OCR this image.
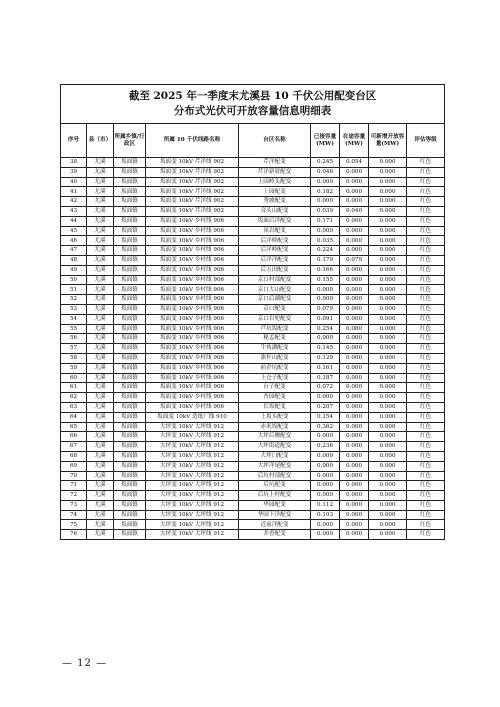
截至 2025 年一季度末尤溪县 10 千伏公用配变台区
分布式光伏可开放容量信息明细表								

序号	县（市）	所属乡镇/行政区	所属 10 千伏线路名称	台区名称	已接容量(MW)	在途容量(MW)	可新增开放容量(MW)	评估等级
38	尤溪	坂面镇	坂面变 10kV 芹洋线 902	芹洋配变	0.245	0.054	0.000	红色
39	尤溪	坂面镇	坂面变 10kV 芹洋线 902	芹洋新厝配变	0.046	0.000	0.000	红色
40	尤溪	坂面镇	坂面变 10kV 芹洋线 902	上园岭头配变	0.000	0.000	0.000	红色
41	尤溪	坂面镇	坂面变 10kV 芹洋线 902	上园配变	0.182	0.000	0.000	红色
42	尤溪	坂面镇	坂面变 10kV 芹洋线 902	秀坡配变	0.000	0.000	0.000	红色
43	尤溪	坂面镇	坂面变 10kV 芹洋线 902	音头山配变	0.039	0.040	0.000	红色
44	尤溪	坂面镇	坂面变 10kV 乡村线 906	坂面后洋配变	0.171	0.000	0.000	红色
45	尤溪	坂面镇	坂面变 10kV 乡村线 906	凤岩配变	0.000	0.000	0.000	红色
46	尤溪	坂面镇	坂面变 10kV 乡村线 906	后洋桥配变	0.035	0.000	0.000	红色
47	尤溪	坂面镇	坂面变 10kV 乡村线 906	后洋岭配变	0.224	0.000	0.000	红色
48	尤溪	坂面镇	坂面变 10kV 乡村线 906	后洋洋配变	0.179	0.079	0.000	红色
49	尤溪	坂面镇	坂面变 10kV 乡村线 906	后五田配变	0.166	0.000	0.000	红色
50	尤溪	坂面镇	坂面变 10kV 乡村线 906	京口村部配变	0.155	0.000	0.000	红色
51	尤溪	坂面镇	坂面变 10kV 乡村线 906	京口大山配变	0.000	0.000	0.000	红色
52	尤溪	坂面镇	坂面变 10kV 乡村线 906	京口后湖配变	0.000	0.000	0.000	红色
53	尤溪	坂面镇	坂面变 10kV 乡村线 906	京口配变	0.079	0.000	0.000	红色
54	尤溪	坂面镇	坂面变 10kV 乡村线 906	京口岩兜配变	0.091	0.000	0.000	红色
55	尤溪	坂面镇	坂面变 10kV 乡村线 906	芦坑坂配变	0.254	0.080	0.000	红色
56	尤溪	坂面镇	坂面变 10kV 乡村线 906	秘孟配变	0.000	0.000	0.000	红色
57	尤溪	坂面镇	坂面变 10kV 乡村线 906	牛角湖配变	0.145	0.000	0.000	红色
58	尤溪	坂面镇	坂面变 10kV 乡村线 906	旗杆山配变	0.129	0.000	0.000	红色
59	尤溪	坂面镇	坂面变 10kV 乡村线 906	前企坑配变	0.161	0.000	0.000	红色
60	尤溪	坂面镇	坂面变 10kV 乡村线 906	上仓子配变	0.187	0.000	0.000	红色
61	尤溪	坂面镇	坂面变 10kV 乡村线 906	台子配变	0.072	0.000	0.000	红色
62	尤溪	坂面镇	坂面变 10kV 乡村线 906	杏园配变	0.000	0.000	0.000	红色
63	尤溪	坂面镇	坂面变 10kV 乡村线 906	长坂配变	0.207	0.000	0.000	红色
64	尤溪	坂面镇	坂面变 10kV 造纸厂线 910	上坂头配变	0.154	0.000	0.000	红色
65	尤溪	坂面镇	大坪变 10kV 大坪线 912	赤米坂配变	0.362	0.000	0.000	红色
66	尤溪	坂面镇	大坪变 10kV 大坪线 912	大坪后侧配变	0.000	0.000	0.000	红色
67	尤溪	坂面镇	大坪变 10kV 大坪线 912	大坪街道配变	0.236	0.000	0.000	红色
68	尤溪	坂面镇	大坪变 10kV 大坪线 912	大坪口配变	0.000	0.000	0.000	红色
69	尤溪	坂面镇	大坪变 10kV 大坪线 912	大坪洋尾配变	0.000	0.000	0.000	红色
70	尤溪	坂面镇	大坪变 10kV 大坪线 912	后坑村部配变	0.000	0.000	0.000	红色
71	尤溪	坂面镇	大坪变 10kV 大坪线 912	后坑配变	0.000	0.000	0.000	红色
72	尤溪	坂面镇	大坪变 10kV 大坪线 912	后坑上村配变	0.000	0.000	0.000	红色
73	尤溪	坂面镇	大坪变 10kV 大坪线 912	华园配变	0.112	0.000	0.000	红色
74	尤溪	坂面镇	大坪变 10kV 大坪线 912	华园下洋配变	0.103	0.000	0.000	红色
75	尤溪	坂面镇	大坪变 10kV 大坪线 912	近前洋配变	0.000	0.000	0.000	红色
76	尤溪	坂面镇	大坪变 10kV 大坪线 912	井香配变	0.000	0.000	0.000	红色
— 12 —
